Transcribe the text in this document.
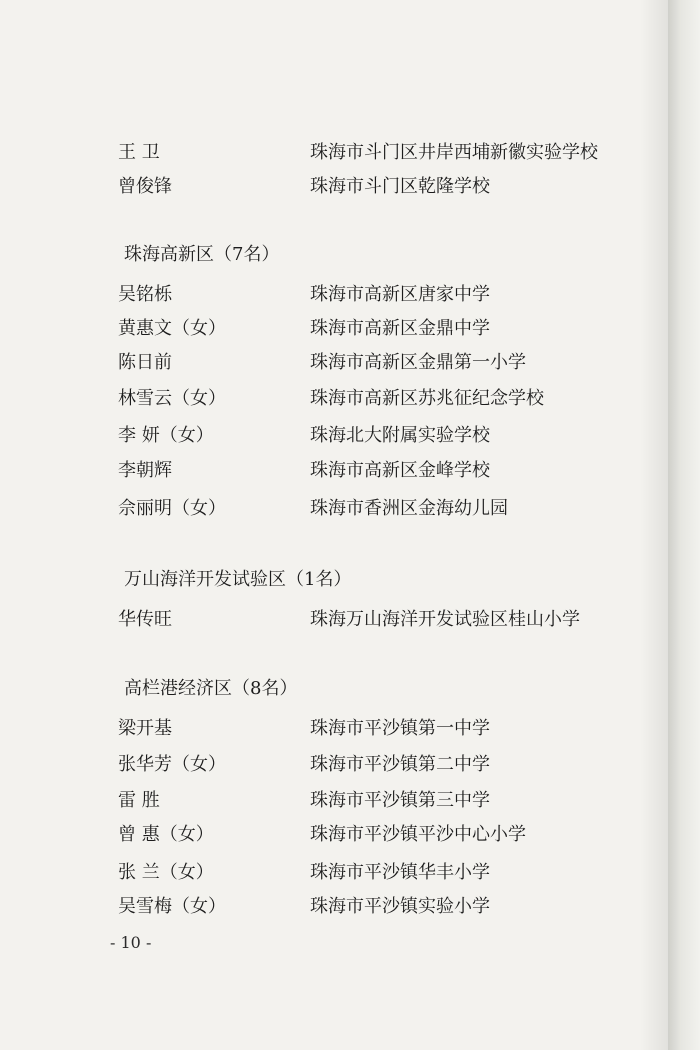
王 卫	珠海市斗门区井岸西埔新徽实验学校
曾俊锋	珠海市斗门区乾隆学校
珠海高新区（7名）
吴铭栎	珠海市高新区唐家中学
黄惠文（女）	珠海市高新区金鼎中学
陈日前	珠海市高新区金鼎第一小学
林雪云（女）	珠海市高新区苏兆征纪念学校
李 妍（女）	珠海北大附属实验学校
李朝辉	珠海市高新区金峰学校
佘丽明（女）	珠海市香洲区金海幼儿园
万山海洋开发试验区（1名）
华传旺	珠海万山海洋开发试验区桂山小学
高栏港经济区（8名）
梁开基	珠海市平沙镇第一中学
张华芳（女）	珠海市平沙镇第二中学
雷 胜	珠海市平沙镇第三中学
曾 惠（女）	珠海市平沙镇平沙中心小学
张 兰（女）	珠海市平沙镇华丰小学
吴雪梅（女）	珠海市平沙镇实验小学
- 10 -
